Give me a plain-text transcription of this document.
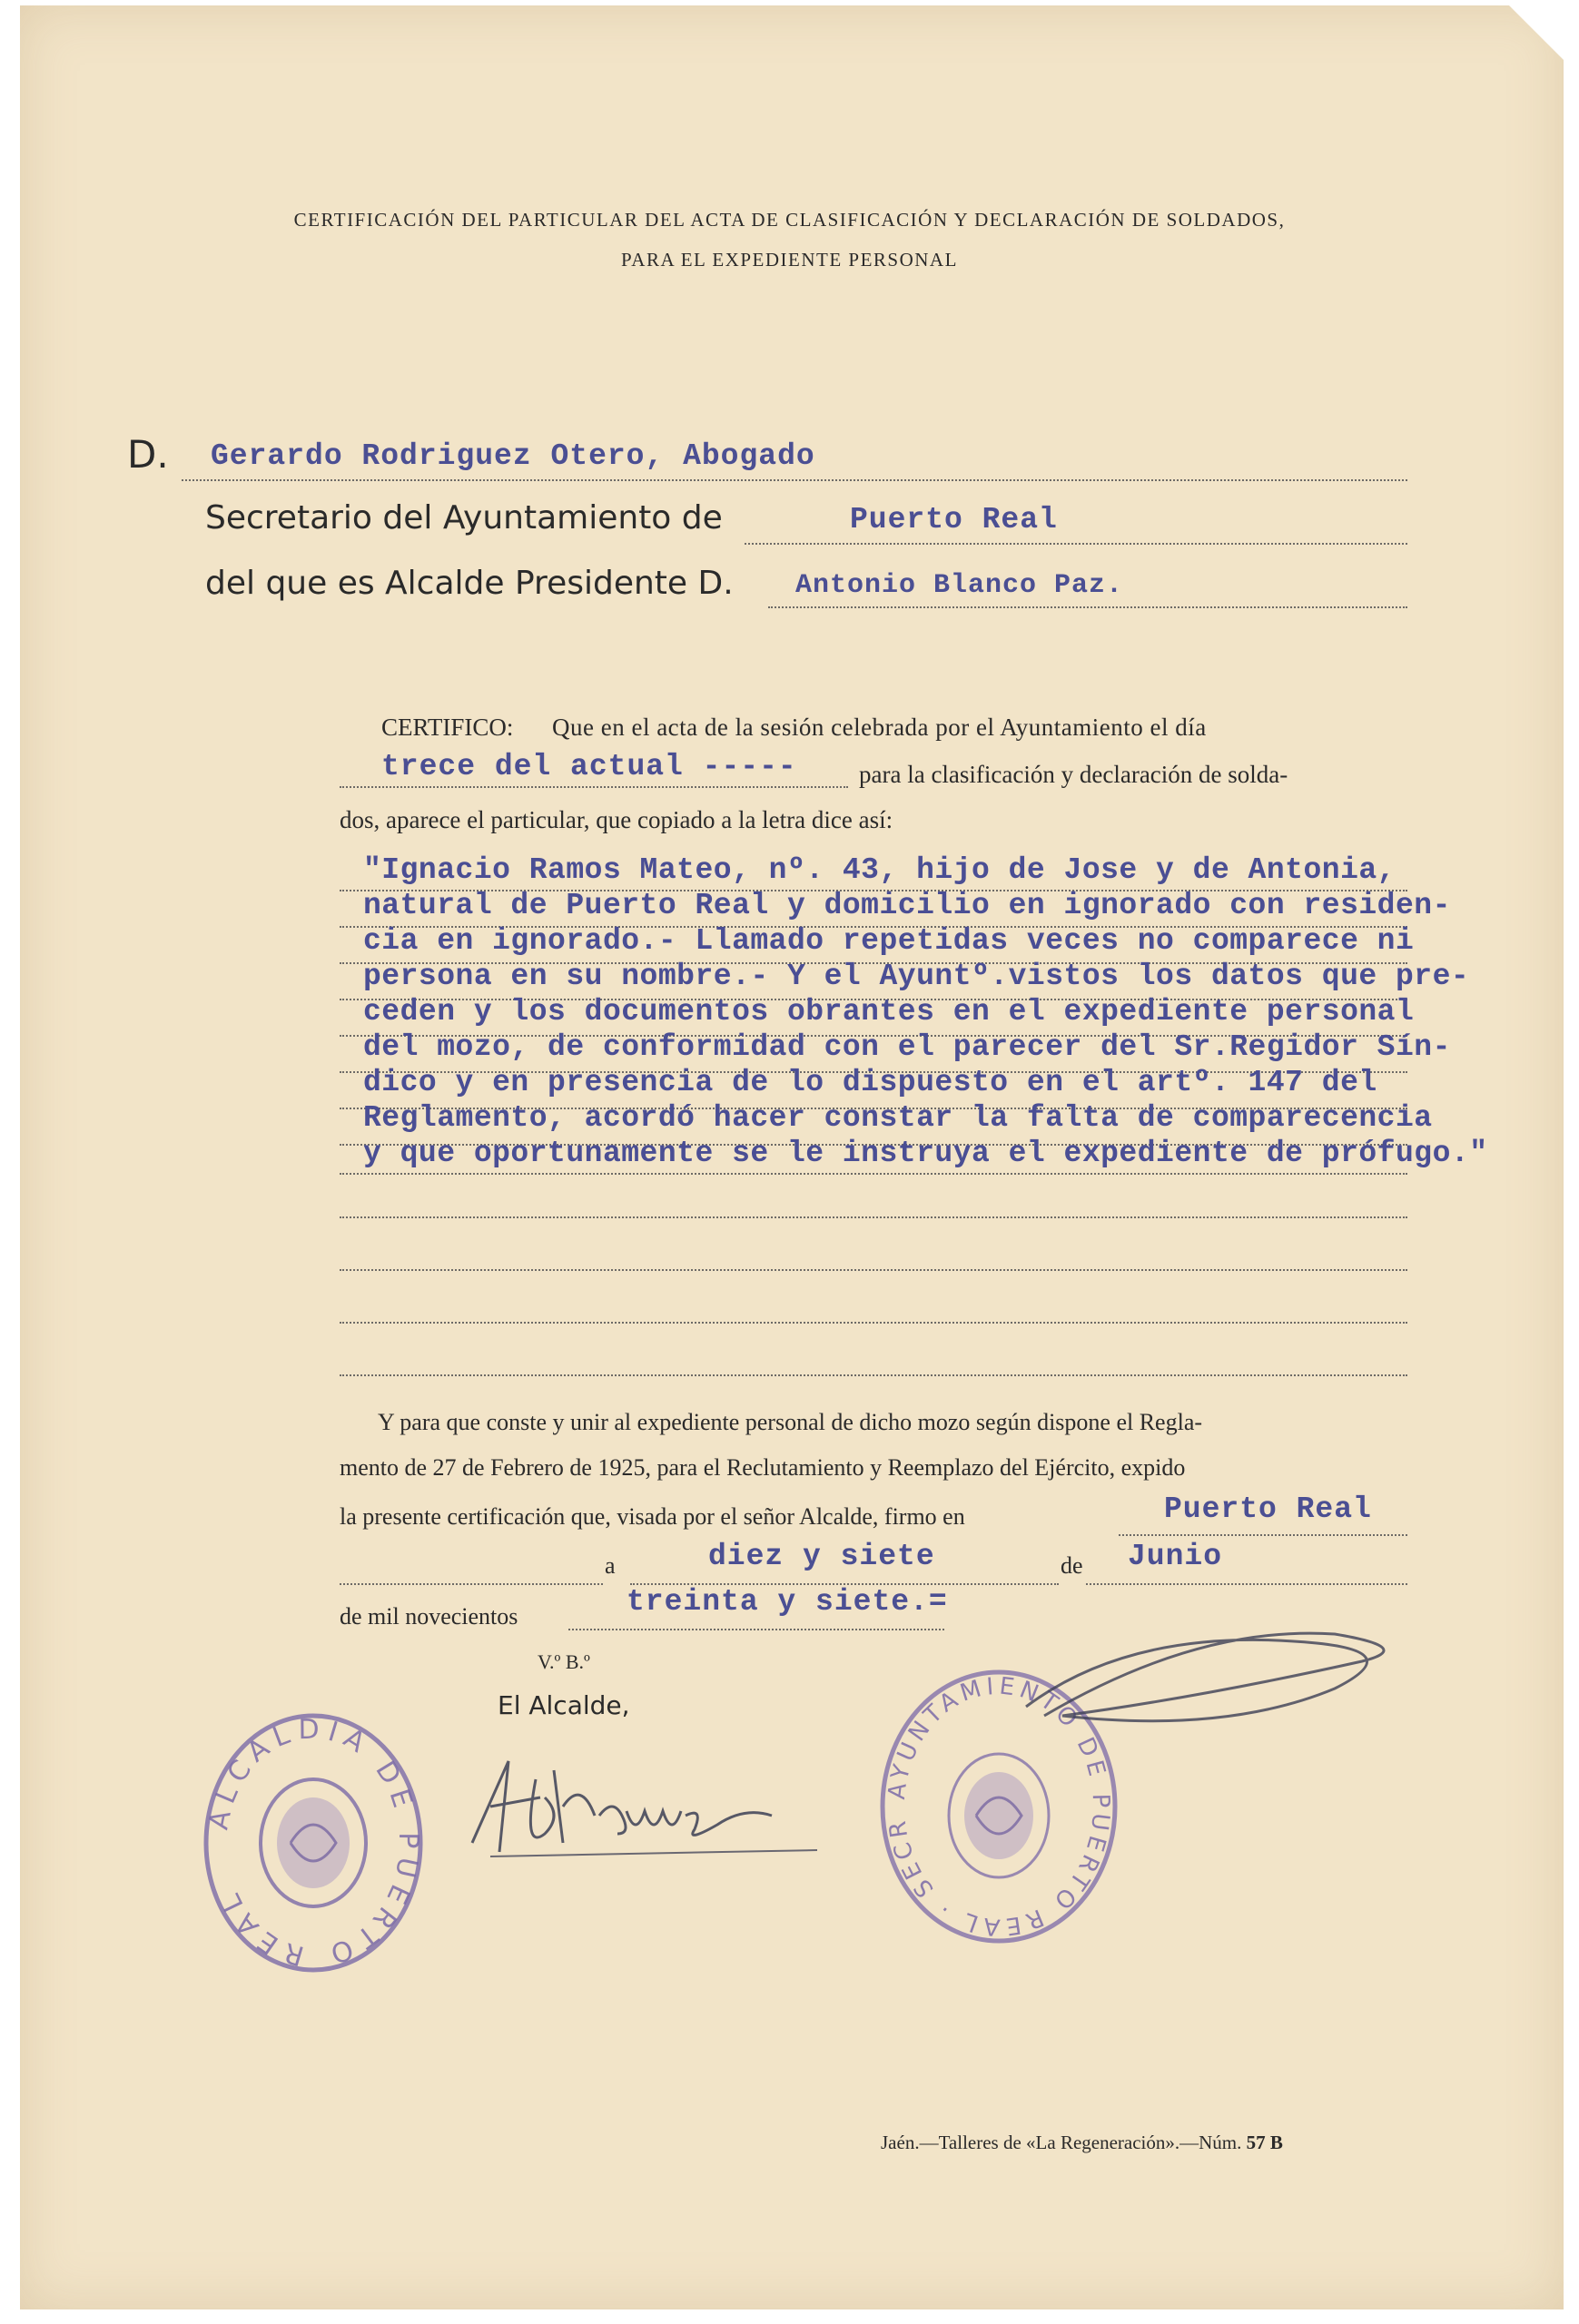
CERTIFICACIÓN DEL PARTICULAR DEL ACTA DE CLASIFICACIÓN Y DECLARACIÓN DE SOLDADOS,
PARA EL EXPEDIENTE PERSONAL
D. Gerardo Rodriguez Otero, Abogado
Secretario del Ayuntamiento de	Puerto Real
del que es Alcalde Presidente D. Antonio Blanco Paz.
CERTIFICO: Que en el acta de la sesión celebrada por el Ayuntamiento el día
trece del actual -----	para la clasificación y declaración de solda-
dos, aparece el particular, que copiado a la letra dice así:
"Ignacio Ramos Mateo, nº. 43, hijo de Jose y de Antonia,
natural de Puerto Real y domicilio en ignorado con residen-
cia en ignorado.- Llamado repetidas veces no comparece ni
persona en su nombre.- Y el Ayuntº.vistos los datos que pre-
ceden y los documentos obrantes en el expediente personal
del mozo, de conformidad con el parecer del Sr.Regidor Sín-
dico y en presencia de lo dispuesto en el artº. 147 del
Reglamento, acordó hacer constar la falta de comparecencia
y que oportunamente se le instruya el expediente de prófugo."
Y para que conste y unir al expediente personal de dicho mozo según dispone el Regla-
mento de 27 de Febrero de 1925, para el Reclutamiento y Reemplazo del Ejército, expido
la presente certificación que, visada por el señor Alcalde, firmo en	Puerto Real
a	diez y siete	de Junio
de mil novecientos	treinta y siete.=
V.º B.º
El Alcalde,
ALCALDIA DE PUERTO REAL
AYUNTAMIENTO DE PUERTO REAL · SECR
Jaén.—Talleres de «La Regeneración».—Núm. 57 B
